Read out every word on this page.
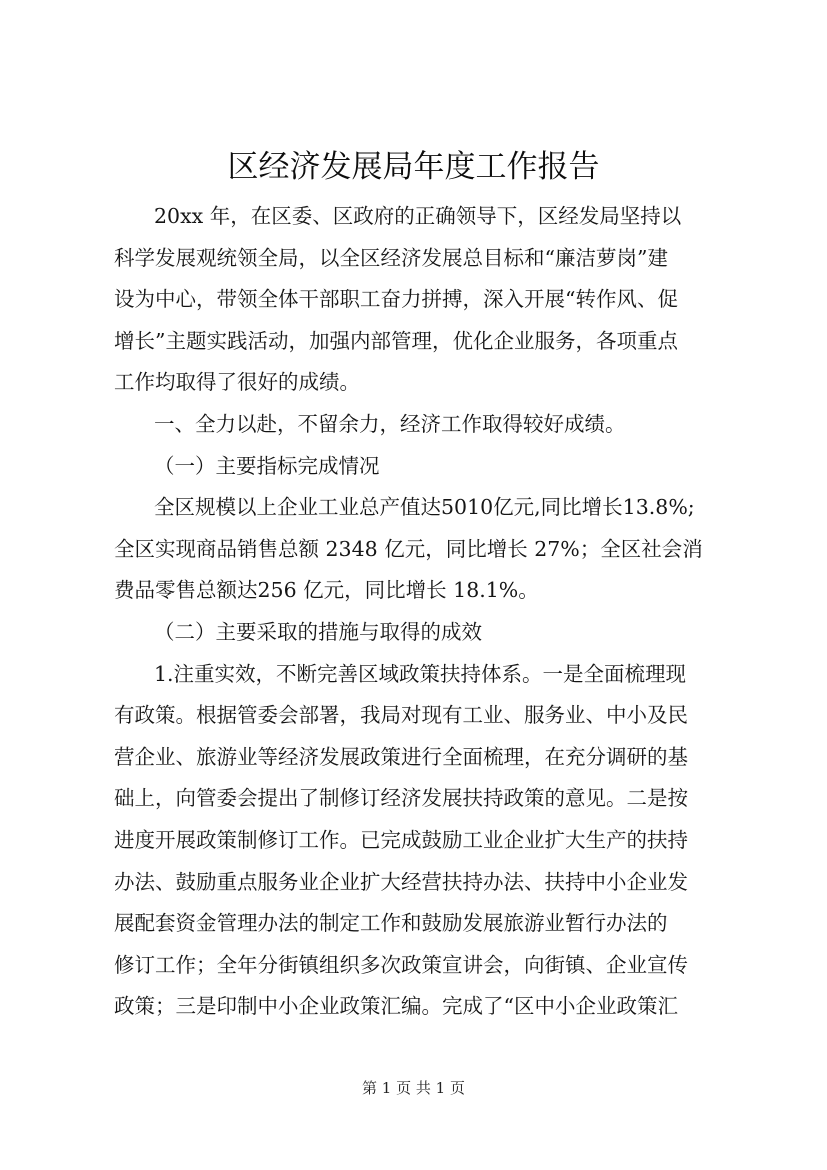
区经济发展局年度工作报告
20xx 年，在区委、区政府的正确领导下，区经发局坚持以
科学发展观统领全局，以全区经济发展总目标和“廉洁萝岗”建
设为中心，带领全体干部职工奋力拼搏，深入开展“转作风、促
增长”主题实践活动，加强内部管理，优化企业服务，各项重点
工作均取得了很好的成绩。
一、全力以赴，不留余力，经济工作取得较好成绩。
（一）主要指标完成情况
全区规模以上企业工业总产值达5010亿元,同比增长13.8%;
全区实现商品销售总额 2348 亿元，同比增长 27%；全区社会消
费品零售总额达256 亿元，同比增长 18.1%。
（二）主要采取的措施与取得的成效
1.注重实效，不断完善区域政策扶持体系。一是全面梳理现
有政策。根据管委会部署，我局对现有工业、服务业、中小及民
营企业、旅游业等经济发展政策进行全面梳理，在充分调研的基
础上，向管委会提出了制修订经济发展扶持政策的意见。二是按
进度开展政策制修订工作。已完成鼓励工业企业扩大生产的扶持
办法、鼓励重点服务业企业扩大经营扶持办法、扶持中小企业发
展配套资金管理办法的制定工作和鼓励发展旅游业暂行办法的
修订工作；全年分街镇组织多次政策宣讲会，向街镇、企业宣传
政策；三是印制中小企业政策汇编。完成了“区中小企业政策汇
第 1 页 共 1 页
